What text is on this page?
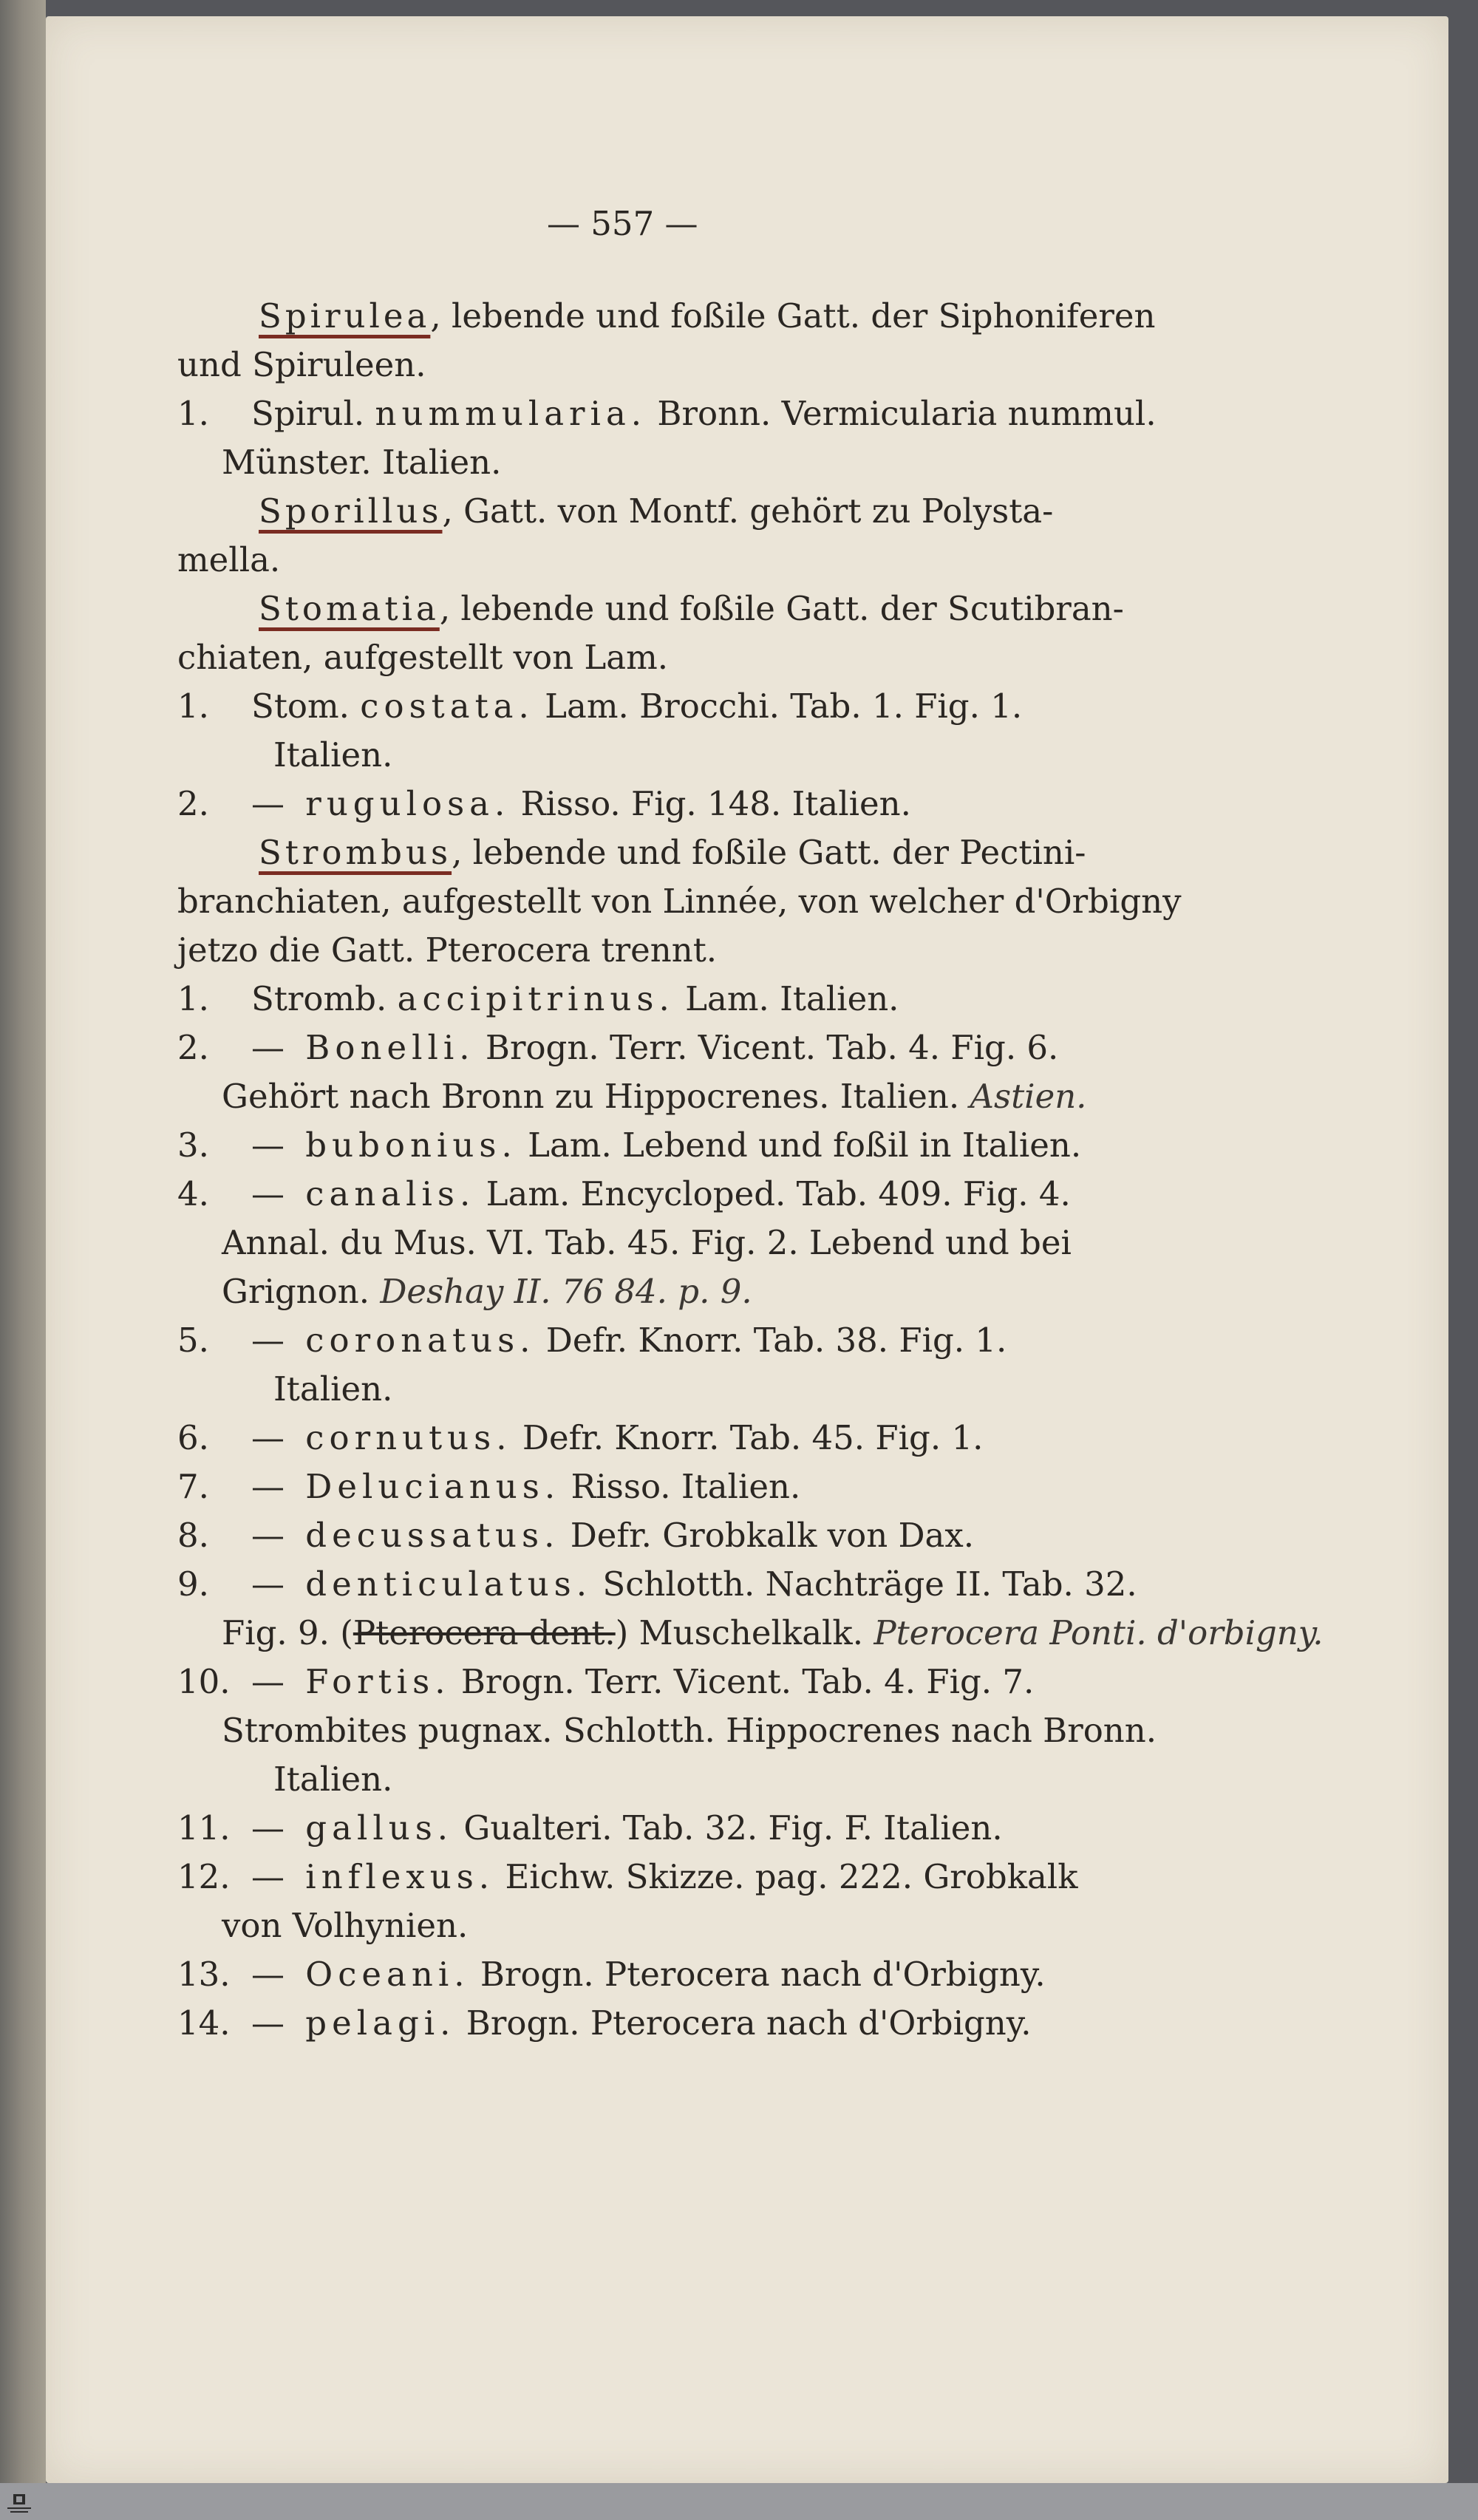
— 557 —
Spirulea, lebende und foßile Gatt. der Siphoniferen
und Spiruleen.
1. Spirul. nummularia. Bronn. Vermicularia nummul.
Münster. Italien.
Sporillus, Gatt. von Montf. gehört zu Polysta-
mella.
Stomatia, lebende und foßile Gatt. der Scutibran-
chiaten, aufgestellt von Lam.
1. Stom. costata. Lam. Brocchi. Tab. 1. Fig. 1.
Italien.
2. — rugulosa. Risso. Fig. 148. Italien.
Strombus, lebende und foßile Gatt. der Pectini-
branchiaten, aufgestellt von Linnée, von welcher d'Orbigny
jetzo die Gatt. Pterocera trennt.
1. Stromb. accipitrinus. Lam. Italien.
2. — Bonelli. Brogn. Terr. Vicent. Tab. 4. Fig. 6.
Gehört nach Bronn zu Hippocrenes. Italien. Astien.
3. — bubonius. Lam. Lebend und foßil in Italien.
4. — canalis. Lam. Encycloped. Tab. 409. Fig. 4.
Annal. du Mus. VI. Tab. 45. Fig. 2. Lebend und bei
Grignon. Deshay II. 76 84. p. 9.
5. — coronatus. Defr. Knorr. Tab. 38. Fig. 1.
Italien.
6. — cornutus. Defr. Knorr. Tab. 45. Fig. 1.
7. — Delucianus. Risso. Italien.
8. — decussatus. Defr. Grobkalk von Dax.
9. — denticulatus. Schlotth. Nachträge II. Tab. 32.
Fig. 9. (Pterocera dent.) Muschelkalk. Pterocera Ponti. d'orbigny.
10. — Fortis. Brogn. Terr. Vicent. Tab. 4. Fig. 7.
Strombites pugnax. Schlotth. Hippocrenes nach Bronn.
Italien.
11. — gallus. Gualteri. Tab. 32. Fig. F. Italien.
12. — inflexus. Eichw. Skizze. pag. 222. Grobkalk
von Volhynien.
13. — Oceani. Brogn. Pterocera nach d'Orbigny.
14. — pelagi. Brogn. Pterocera nach d'Orbigny.
